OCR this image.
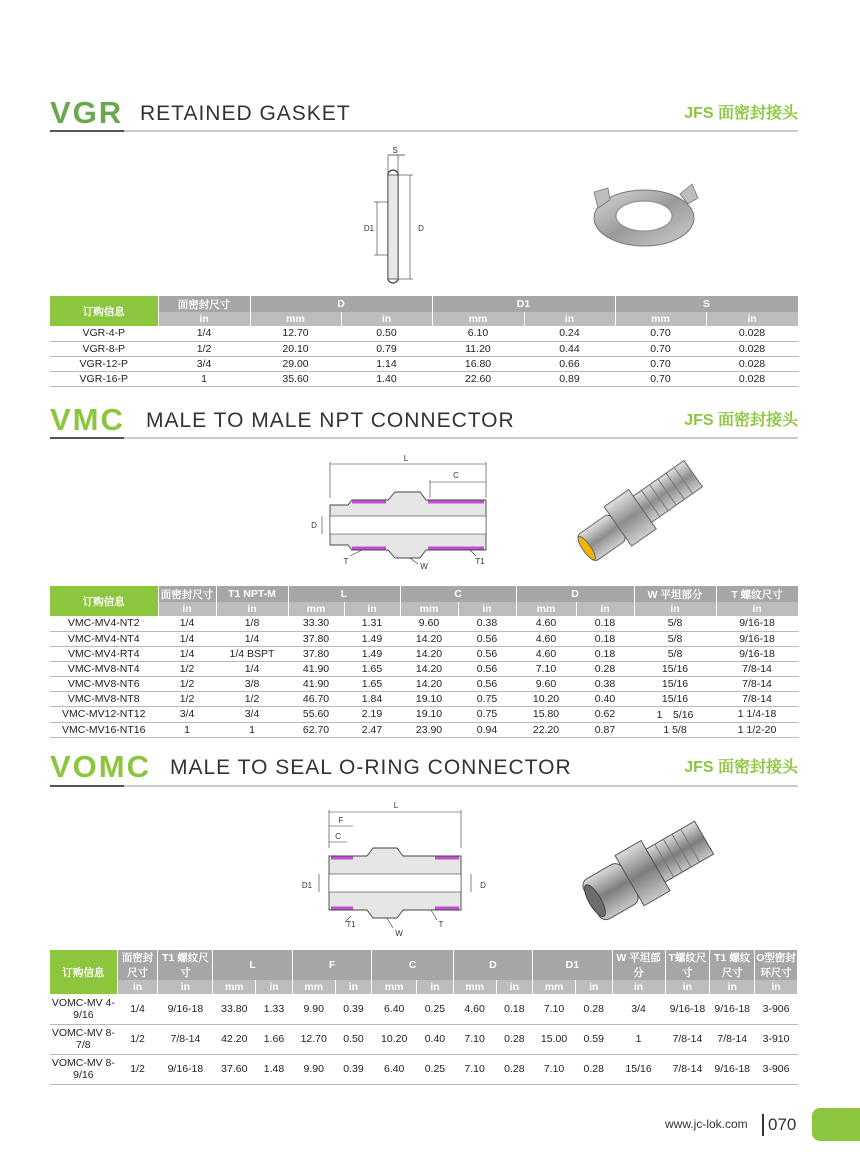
VGR RETAINED GASKET	JFS 面密封接头
S
D1	D
订购信息	面密封尺寸	D		D1		S	
	in	mm	in	mm	in	mm	in
VGR-4-P	1/4	12.70	0.50	6.10	0.24	0.70	0.028
VGR-8-P	1/2	20.10	0.79	11.20	0.44	0.70	0.028
VGR-12-P	3/4	29.00	1.14	16.80	0.66	0.70	0.028
VGR-16-P	1	35.60	1.40	22.60	0.89	0.70	0.028
VMC MALE TO MALE NPT CONNECTOR	JFS 面密封接头
L
C
D
T
W
T1
订购信息	面密封尺寸	T1 NPT-M	L		C		D		W 平坦部分	T 螺纹尺寸
	in	in	mm	in	mm	in	mm	in	in	in
VMC-MV4-NT2	1/4	1/8	33.30	1.31	9.60	0.38	4.60	0.18	5/8	9/16-18
VMC-MV4-NT4	1/4	1/4	37.80	1.49	14.20	0.56	4.60	0.18	5/8	9/16-18
VMC-MV4-RT4	1/4	1/4 BSPT	37.80	1.49	14.20	0.56	4.60	0.18	5/8	9/16-18
VMC-MV8-NT4	1/2	1/4	41.90	1.65	14.20	0.56	7.10	0.28	15/16	7/8-14
VMC-MV8-NT6	1/2	3/8	41.90	1.65	14.20	0.56	9.60	0.38	15/16	7/8-14
VMC-MV8-NT8	1/2	1/2	46.70	1.84	19.10	0.75	10.20	0.40	15/16	7/8-14
VMC-MV12-NT12	3/4	3/4	55.60	2.19	19.10	0.75	15.80	0.62	1　5/16	1 1/4-18
VMC-MV16-NT16	1	1	62.70	2.47	23.90	0.94	22.20	0.87	1 5/8	1 1/2-20
VOMC MALE TO SEAL O-RING CONNECTOR	JFS 面密封接头
L
F
C
D1	D
T1
W
T
订购信息	面密封尺寸	T1 螺纹尺寸	L		F		C		D		D1		W 平坦部分	T螺纹尺寸	T1 螺纹尺寸	O型密封环尺寸
	in	in	mm	in	mm	in	mm	in	mm	in	mm	in	in	in	in	in
VOMC-MV 4-9/16	1/4	9/16-18	33.80	1.33	9.90	0.39	6.40	0.25	4.60	0.18	7.10	0.28	3/4	9/16-18	9/16-18	3-906
VOMC-MV 8-7/8	1/2	7/8-14	42.20	1.66	12.70	0.50	10.20	0.40	7.10	0.28	15.00	0.59	1	7/8-14	7/8-14	3-910
VOMC-MV 8-9/16	1/2	9/16-18	37.60	1.48	9.90	0.39	6.40	0.25	7.10	0.28	7.10	0.28	15/16	7/8-14	9/16-18	3-906
www.jc-lok.com 070
